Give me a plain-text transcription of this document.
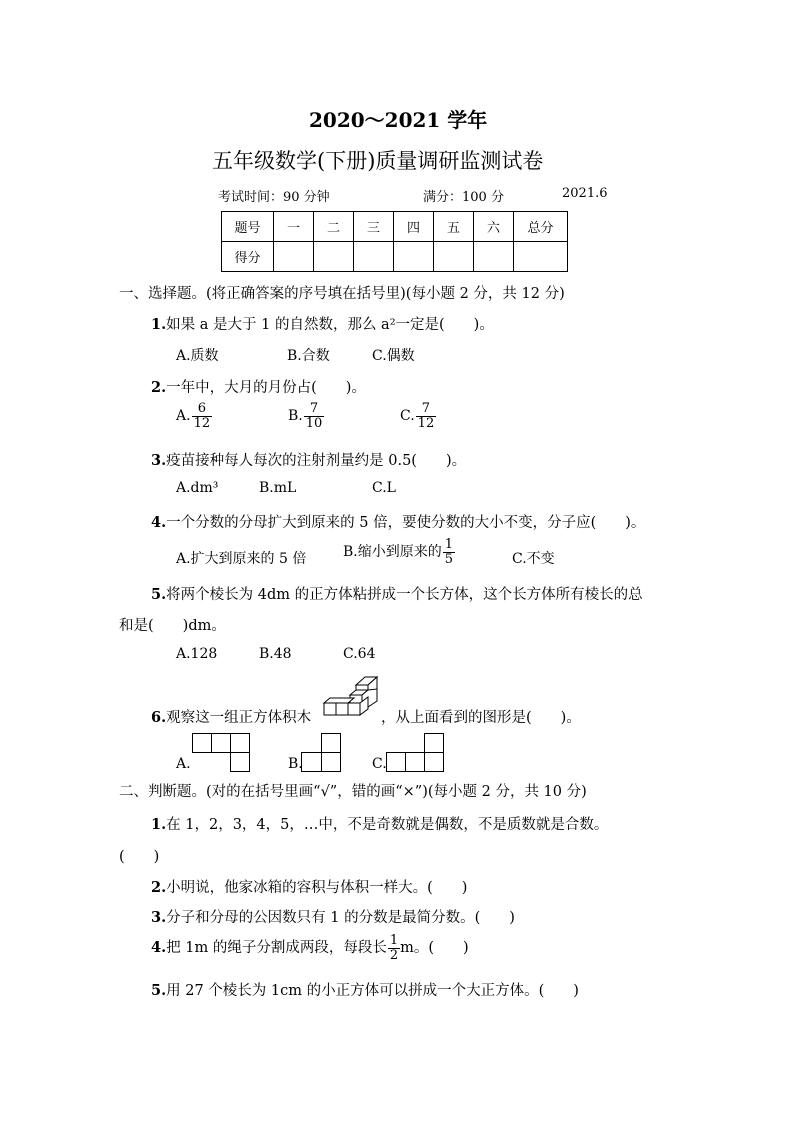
2020～2021 学年
五年级数学(下册)质量调研监测试卷
考试时间：90 分钟	满分：100 分	2021.6
题号	一	二	三	四	五	六	总分
得分							
一、选择题。(将正确答案的序号填在括号里)(每小题 2 分，共 12 分)
1.如果 a 是大于 1 的自然数，那么 a²一定是(　　)。
A.质数	B.合数	C.偶数
2.一年中，大月的月份占(　　)。
A. $\frac{6}{12}$	B. $\frac{7}{10}$	C. $\frac{7}{12}$
3.疫苗接种每人每次的注射剂量约是 0.5(　　)。
A.dm³	B.mL	C.L
4.一个分数的分母扩大到原来的 5 倍，要使分数的大小不变，分子应(　　)。
A.扩大到原来的 5 倍	B.缩小到原来的 $\frac{1}{5}$	C.不变
5.将两个棱长为 4dm 的正方体粘拼成一个长方体，这个长方体所有棱长的总
和是(　　)dm。
A.128	B.48	C.64
6.观察这一组正方体积木	，从上面看到的图形是(　　)。
A.	B.	C.
二、判断题。(对的在括号里画“√”，错的画“×”)(每小题 2 分，共 10 分)
1.在 1，2，3，4，5，…中，不是奇数就是偶数，不是质数就是合数。
(　　)
2.小明说，他家冰箱的容积与体积一样大。(　　)
3.分子和分母的公因数只有 1 的分数是最简分数。(　　)
4.把 1m 的绳子分割成两段，每段长 $\frac{1}{2}$ m。(　　)
5.用 27 个棱长为 1cm 的小正方体可以拼成一个大正方体。(　　)
